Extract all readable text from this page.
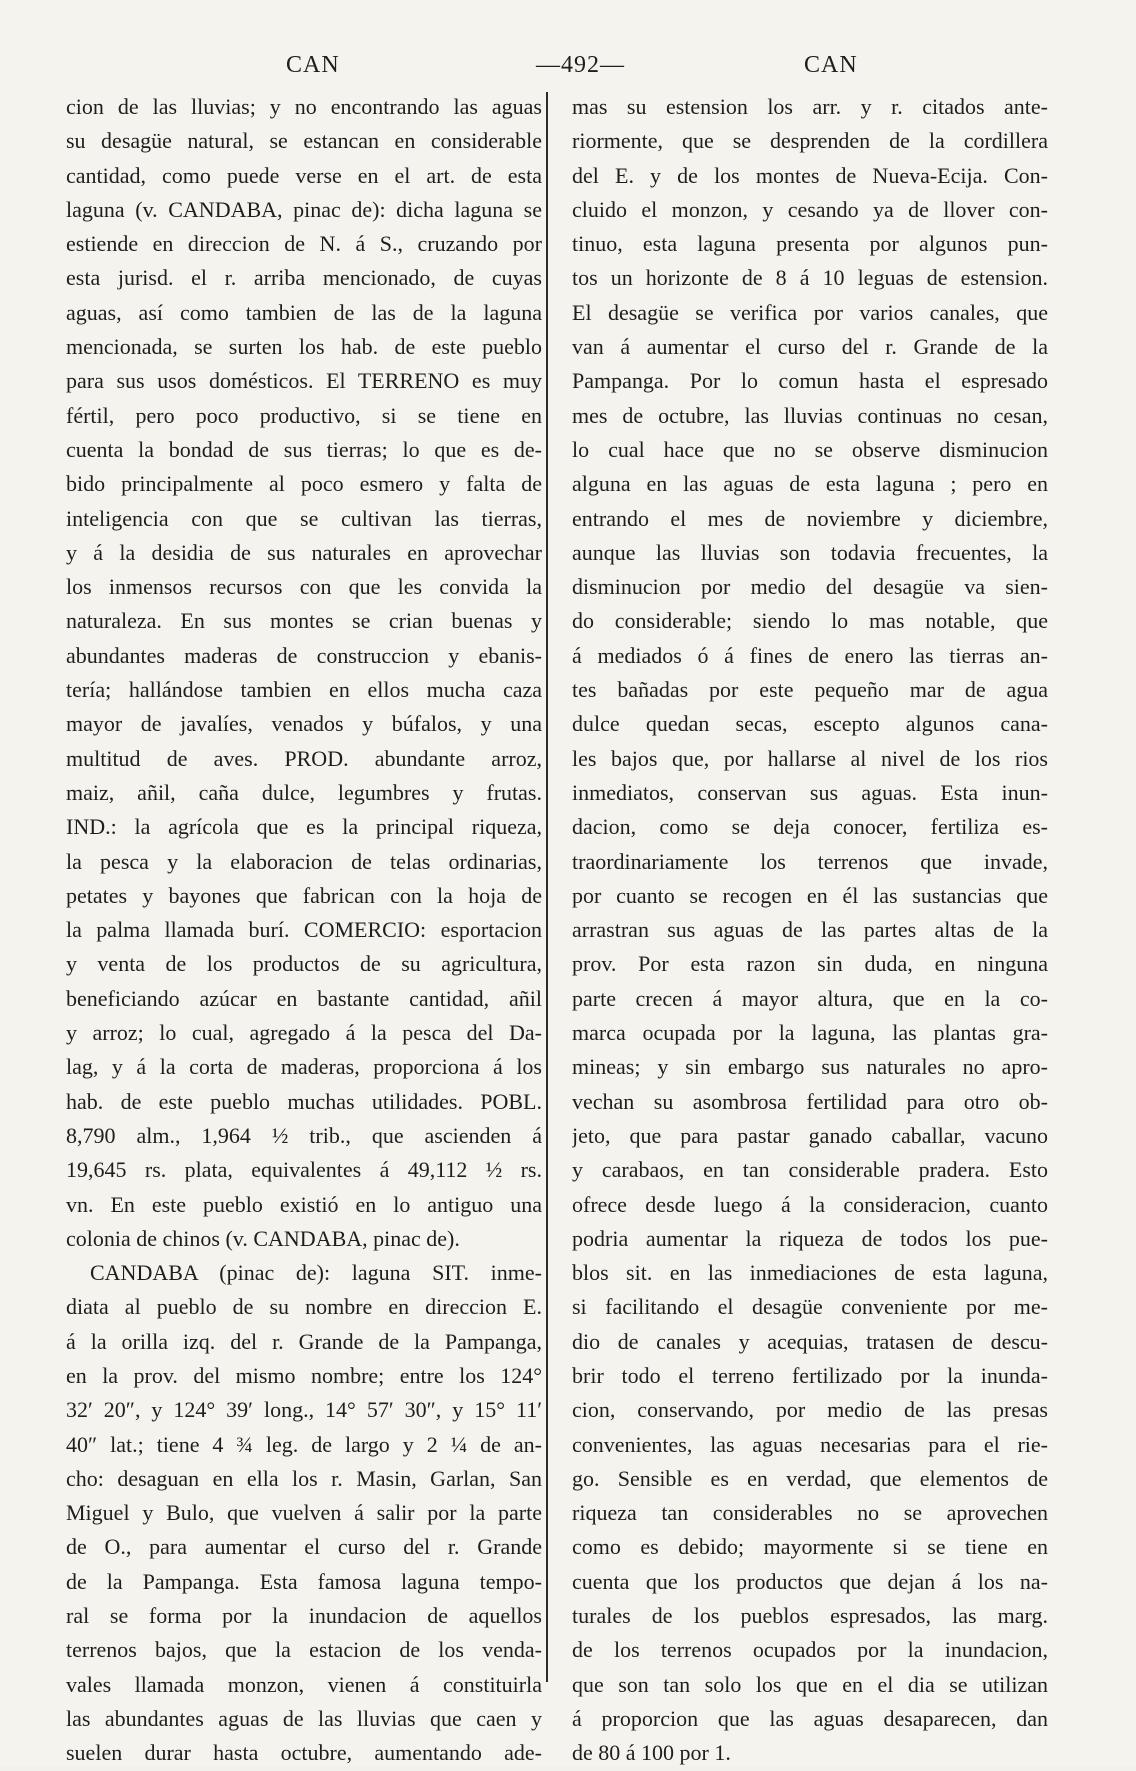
CAN	—492—	CAN
cion de las lluvias; y no encontrando las aguas
su desagüe natural, se estancan en considerable
cantidad, como puede verse en el art. de esta
laguna (v. CANDABA, pinac de): dicha laguna se
estiende en direccion de N. á S., cruzando por
esta jurisd. el r. arriba mencionado, de cuyas
aguas, así como tambien de las de la laguna
mencionada, se surten los hab. de este pueblo
para sus usos domésticos. El TERRENO es muy
fértil, pero poco productivo, si se tiene en
cuenta la bondad de sus tierras; lo que es de-
bido principalmente al poco esmero y falta de
inteligencia con que se cultivan las tierras,
y á la desidia de sus naturales en aprovechar
los inmensos recursos con que les convida la
naturaleza. En sus montes se crian buenas y
abundantes maderas de construccion y ebanis-
tería; hallándose tambien en ellos mucha caza
mayor de javalíes, venados y búfalos, y una
multitud de aves. PROD. abundante arroz,
maiz, añil, caña dulce, legumbres y frutas.
IND.: la agrícola que es la principal riqueza,
la pesca y la elaboracion de telas ordinarias,
petates y bayones que fabrican con la hoja de
la palma llamada burí. COMERCIO: esportacion
y venta de los productos de su agricultura,
beneficiando azúcar en bastante cantidad, añil
y arroz; lo cual, agregado á la pesca del Da-
lag, y á la corta de maderas, proporciona á los
hab. de este pueblo muchas utilidades. POBL.
8,790 alm., 1,964 ½ trib., que ascienden á
19,645 rs. plata, equivalentes á 49,112 ½ rs.
vn. En este pueblo existió en lo antiguo una
colonia de chinos (v. CANDABA, pinac de).
CANDABA (pinac de): laguna SIT. inme-
diata al pueblo de su nombre en direccion E.
á la orilla izq. del r. Grande de la Pampanga,
en la prov. del mismo nombre; entre los 124°
32′ 20″, y 124° 39′ long., 14° 57′ 30″, y 15° 11′
40″ lat.; tiene 4 ¾ leg. de largo y 2 ¼ de an-
cho: desaguan en ella los r. Masin, Garlan, San
Miguel y Bulo, que vuelven á salir por la parte
de O., para aumentar el curso del r. Grande
de la Pampanga. Esta famosa laguna tempo-
ral se forma por la inundacion de aquellos
terrenos bajos, que la estacion de los venda-
vales llamada monzon, vienen á constituirla
las abundantes aguas de las lluvias que caen y
suelen durar hasta octubre, aumentando ade-
mas su estension los arr. y r. citados ante-
riormente, que se desprenden de la cordillera
del E. y de los montes de Nueva-Ecija. Con-
cluido el monzon, y cesando ya de llover con-
tinuo, esta laguna presenta por algunos pun-
tos un horizonte de 8 á 10 leguas de estension.
El desagüe se verifica por varios canales, que
van á aumentar el curso del r. Grande de la
Pampanga. Por lo comun hasta el espresado
mes de octubre, las lluvias continuas no cesan,
lo cual hace que no se observe disminucion
alguna en las aguas de esta laguna ; pero en
entrando el mes de noviembre y diciembre,
aunque las lluvias son todavia frecuentes, la
disminucion por medio del desagüe va sien-
do considerable; siendo lo mas notable, que
á mediados ó á fines de enero las tierras an-
tes bañadas por este pequeño mar de agua
dulce quedan secas, escepto algunos cana-
les bajos que, por hallarse al nivel de los rios
inmediatos, conservan sus aguas. Esta inun-
dacion, como se deja conocer, fertiliza es-
traordinariamente los terrenos que invade,
por cuanto se recogen en él las sustancias que
arrastran sus aguas de las partes altas de la
prov. Por esta razon sin duda, en ninguna
parte crecen á mayor altura, que en la co-
marca ocupada por la laguna, las plantas gra-
mineas; y sin embargo sus naturales no apro-
vechan su asombrosa fertilidad para otro ob-
jeto, que para pastar ganado caballar, vacuno
y carabaos, en tan considerable pradera. Esto
ofrece desde luego á la consideracion, cuanto
podria aumentar la riqueza de todos los pue-
blos sit. en las inmediaciones de esta laguna,
si facilitando el desagüe conveniente por me-
dio de canales y acequias, tratasen de descu-
brir todo el terreno fertilizado por la inunda-
cion, conservando, por medio de las presas
convenientes, las aguas necesarias para el rie-
go. Sensible es en verdad, que elementos de
riqueza tan considerables no se aprovechen
como es debido; mayormente si se tiene en
cuenta que los productos que dejan á los na-
turales de los pueblos espresados, las marg.
de los terrenos ocupados por la inundacion,
que son tan solo los que en el dia se utilizan
á proporcion que las aguas desaparecen, dan
de 80 á 100 por 1.
